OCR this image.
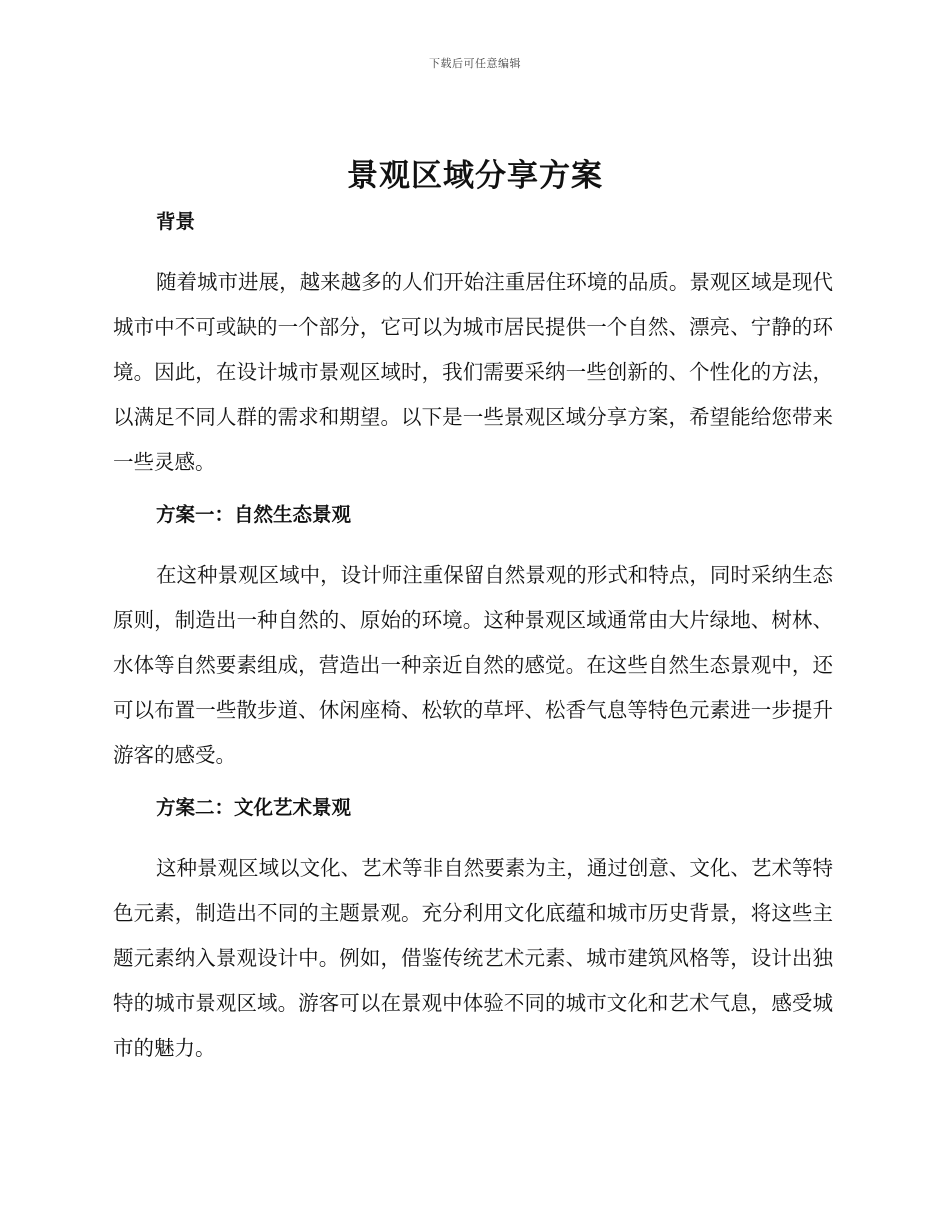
下载后可任意编辑
景观区域分享方案
背景

随着城市进展，越来越多的人们开始注重居住环境的品质。景观区域是现代城市中不可或缺的一个部分，它可以为城市居民提供一个自然、漂亮、宁静的环境。因此，在设计城市景观区域时，我们需要采纳一些创新的、个性化的方法，以满足不同人群的需求和期望。以下是一些景观区域分享方案，希望能给您带来一些灵感。

方案一：自然生态景观

在这种景观区域中，设计师注重保留自然景观的形式和特点，同时采纳生态原则，制造出一种自然的、原始的环境。这种景观区域通常由大片绿地、树林、水体等自然要素组成，营造出一种亲近自然的感觉。在这些自然生态景观中，还可以布置一些散步道、休闲座椅、松软的草坪、松香气息等特色元素进一步提升游客的感受。

方案二：文化艺术景观

这种景观区域以文化、艺术等非自然要素为主，通过创意、文化、艺术等特色元素，制造出不同的主题景观。充分利用文化底蕴和城市历史背景，将这些主题元素纳入景观设计中。例如，借鉴传统艺术元素、城市建筑风格等，设计出独特的城市景观区域。游客可以在景观中体验不同的城市文化和艺术气息，感受城市的魅力。
